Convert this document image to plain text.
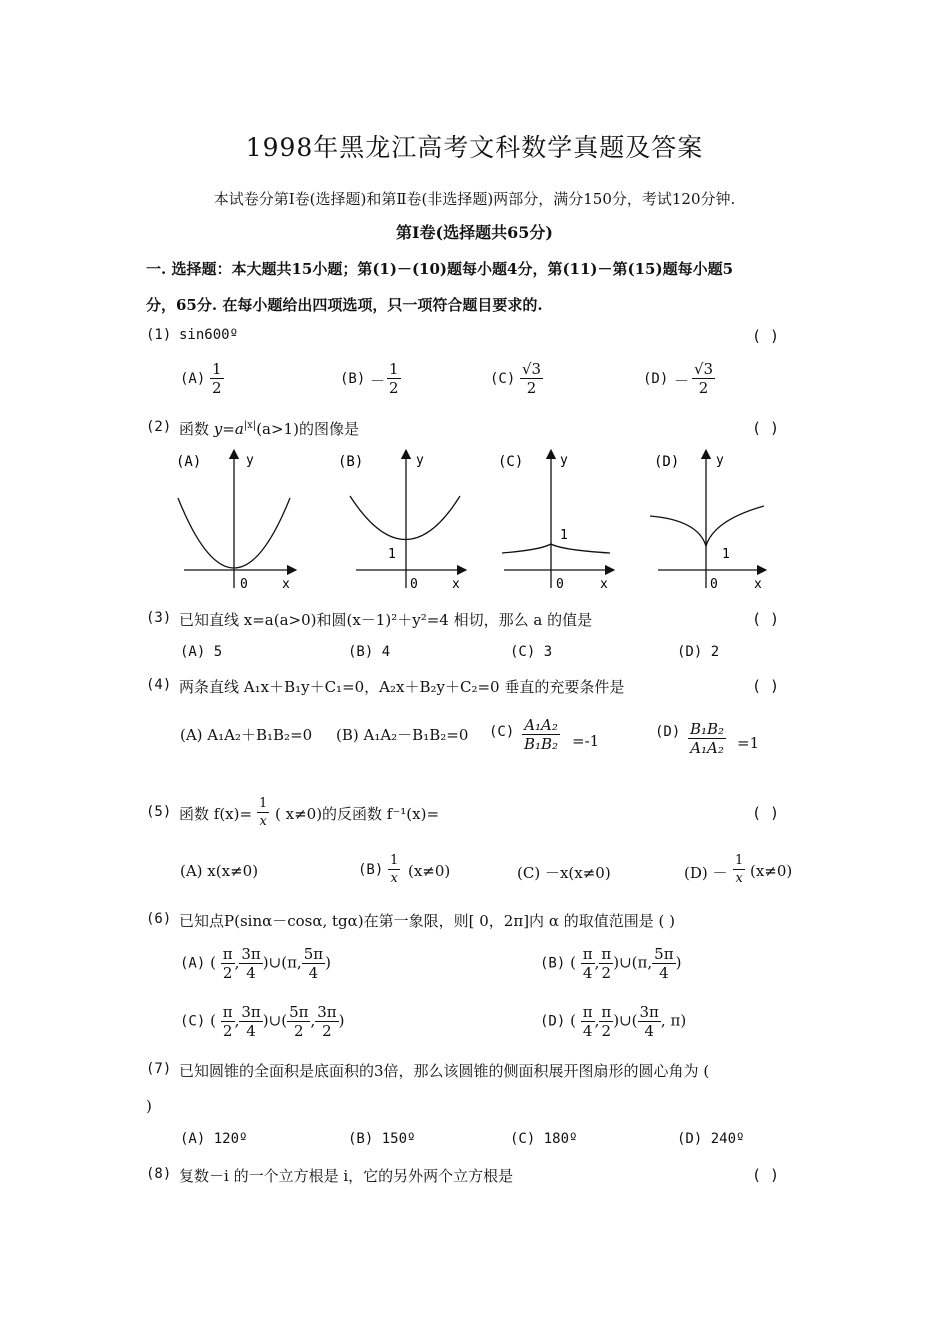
1998年黑龙江高考文科数学真题及答案
本试卷分第Ⅰ卷(选择题)和第Ⅱ卷(非选择题)两部分，满分150分，考试120分钟.
第Ⅰ卷(选择题共65分)
一. 选择题：本大题共15小题；第(1)－(10)题每小题4分，第(11)－第(15)题每小题5
分，65分. 在每小题给出四项选项，只一项符合题目要求的.
(1) sin600º	( )
$(A) \frac{1}{2}$	$(B) - \frac{1}{2}$	$(C) \frac{√3}{2}$	$(D) - \frac{√3}{2}$
(2) 函数 $y=a^{|x|}(a>1)$的图像是	( )
(A)	y
x
0
(B)	y
x
0
1
(C)	y
x
0
1
(D)	y
x
0
1
(3) 已知直线 x=a(a>0)和圆(x－1)²＋y²=4 相切，那么 a 的值是	( )
(A) 5	(B) 4	(C) 3	(D) 2
(4) 两条直线 A₁x＋B₁y＋C₁=0，A₂x＋B₂y＋C₂=0 垂直的充要条件是	( )
(A) A₁A₂＋B₁B₂=0 (B) A₁A₂－B₁B₂=0 $(C) \frac{\text{A₁A₂}}{\text{B₁B₂}} =-1$	$(D) \frac{\text{B₁B₂}}{\text{A₁A₂}} =1$
(5) 函数 $f(x)= \frac{1}{x}$ ( x≠0)的反函数 f⁻¹(x)=	( )
(A) x(x≠0)	$(B) \frac{1}{x} (x\ne 0)$	(C) －x(x≠0)	$(D) - \frac{1}{x} (x\ne 0)$
(6) 已知点P(sinα－cosα, tgα)在第一象限，则[ 0，2π]内 α 的取值范围是 ( )
(A) ( $\frac{\pi}{2}$ , $\frac{3\pi}{4}$ )∪(π, $\frac{5\pi}{4}$ )	(B) ( $\frac{\pi}{4}$ , $\frac{\pi}{2}$ )∪(π, $\frac{5\pi}{4}$ )
(C) ( $\frac{\pi}{2}$ , $\frac{3\pi}{4}$ )∪( $\frac{5\pi}{2}$ , $\frac{3\pi}{2}$ )	(D) ( $\frac{\pi}{4}$ , $\frac{\pi}{2}$ )∪( $\frac{3\pi}{4}$ , π)
(7) 已知圆锥的全面积是底面积的3倍，那么该圆锥的侧面积展开图扇形的圆心角为 (
)
(A) 120º	(B) 150º	(C) 180º	(D) 240º
(8) 复数－i 的一个立方根是 i，它的另外两个立方根是	( )
